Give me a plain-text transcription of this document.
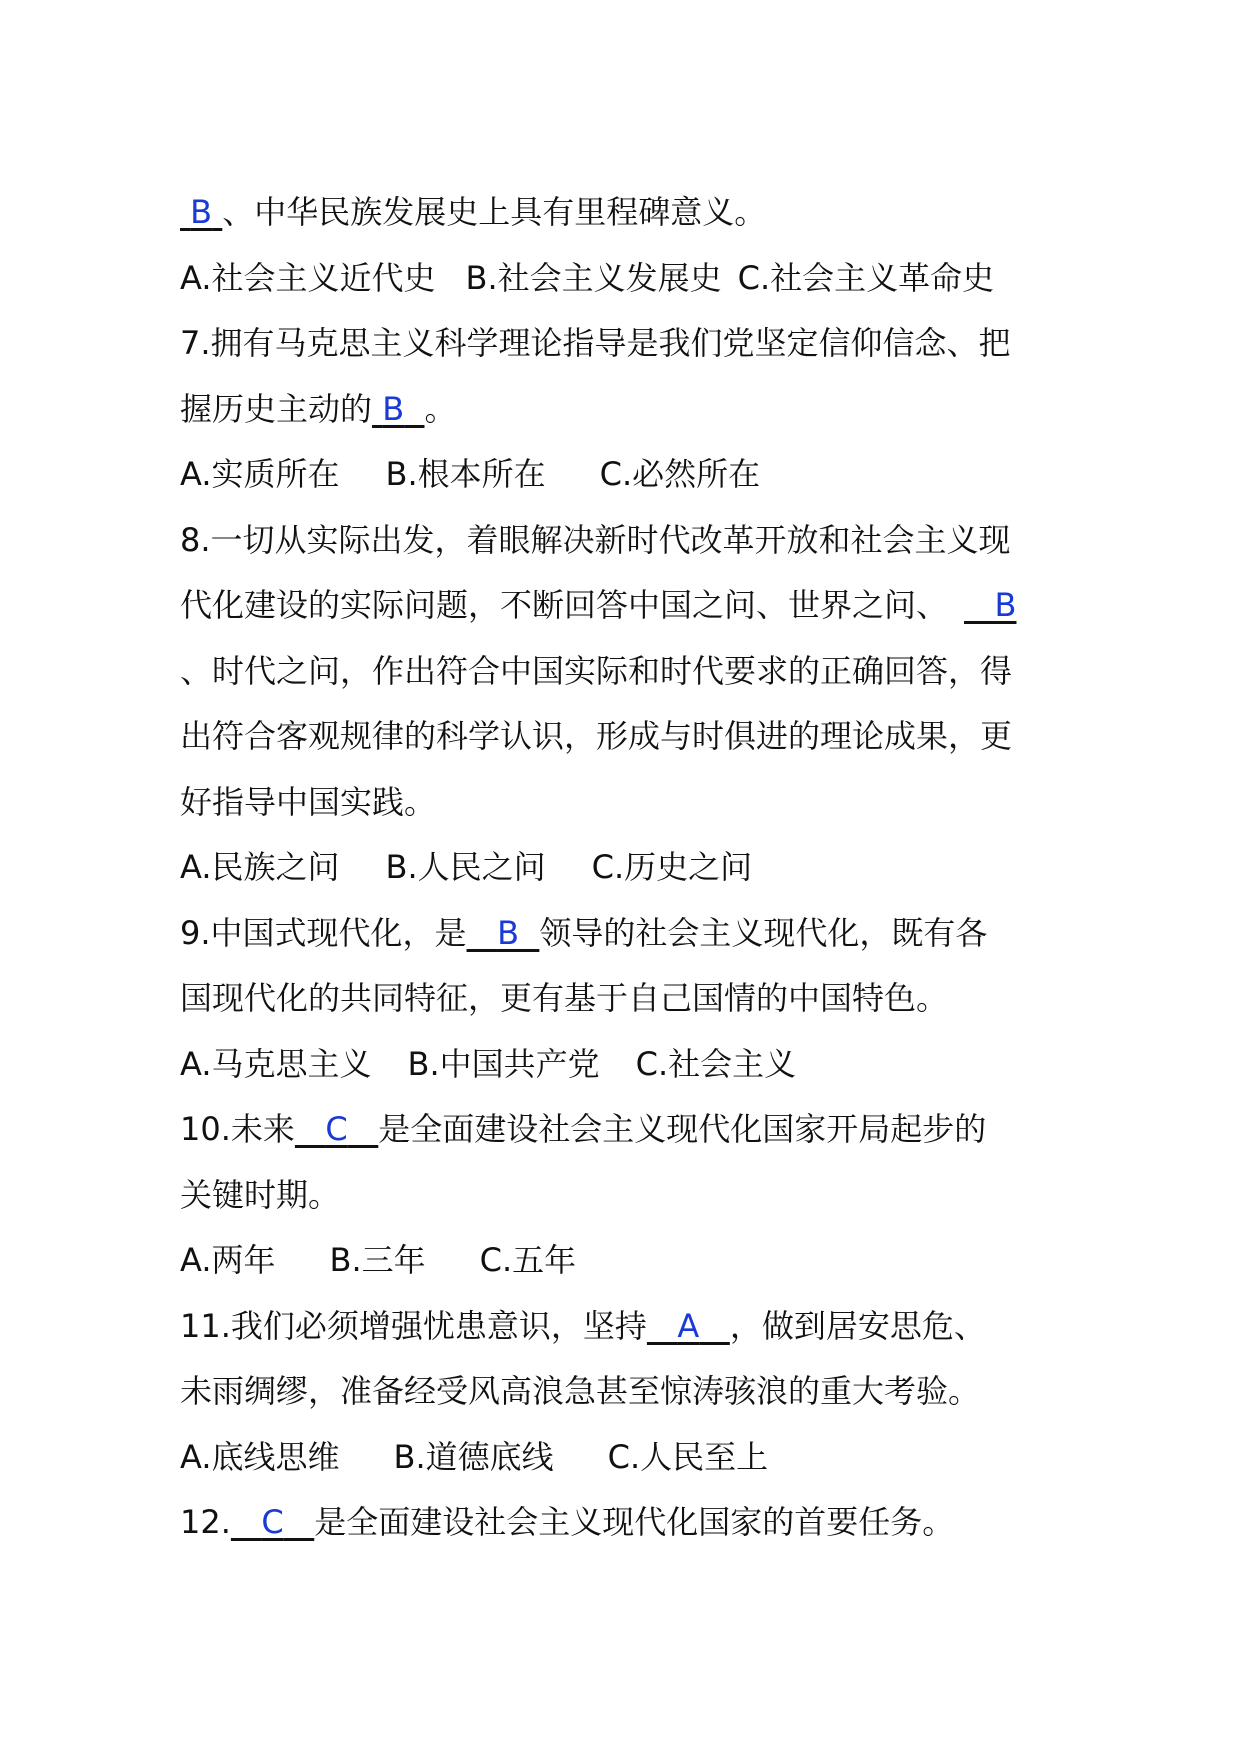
B 、中华民族发展史上具有里程碑意义。
A.社会主义近代史 B.社会主义发展史 C.社会主义革命史
7.拥有马克思主义科学理论指导是我们党坚定信仰信念、把
握历史主动的 B 。
A.实质所在 B.根本所在 C.必然所在
8.一切从实际出发，着眼解决新时代改革开放和社会主义现
代化建设的实际问题，不断回答中国之问、世界之问、 B
、时代之问，作出符合中国实际和时代要求的正确回答，得
出符合客观规律的科学认识，形成与时俱进的理论成果，更
好指导中国实践。
A.民族之问 B.人民之问 C.历史之问
9.中国式现代化，是 B 领导的社会主义现代化，既有各
国现代化的共同特征，更有基于自己国情的中国特色。
A.马克思主义 B.中国共产党 C.社会主义
10.未来 C 是全面建设社会主义现代化国家开局起步的
关键时期。
A.两年 B.三年 C.五年
11.我们必须增强忧患意识，坚持 A ，做到居安思危、
未雨绸缪，准备经受风高浪急甚至惊涛骇浪的重大考验。
A.底线思维 B.道德底线 C.人民至上
12. C 是全面建设社会主义现代化国家的首要任务。
